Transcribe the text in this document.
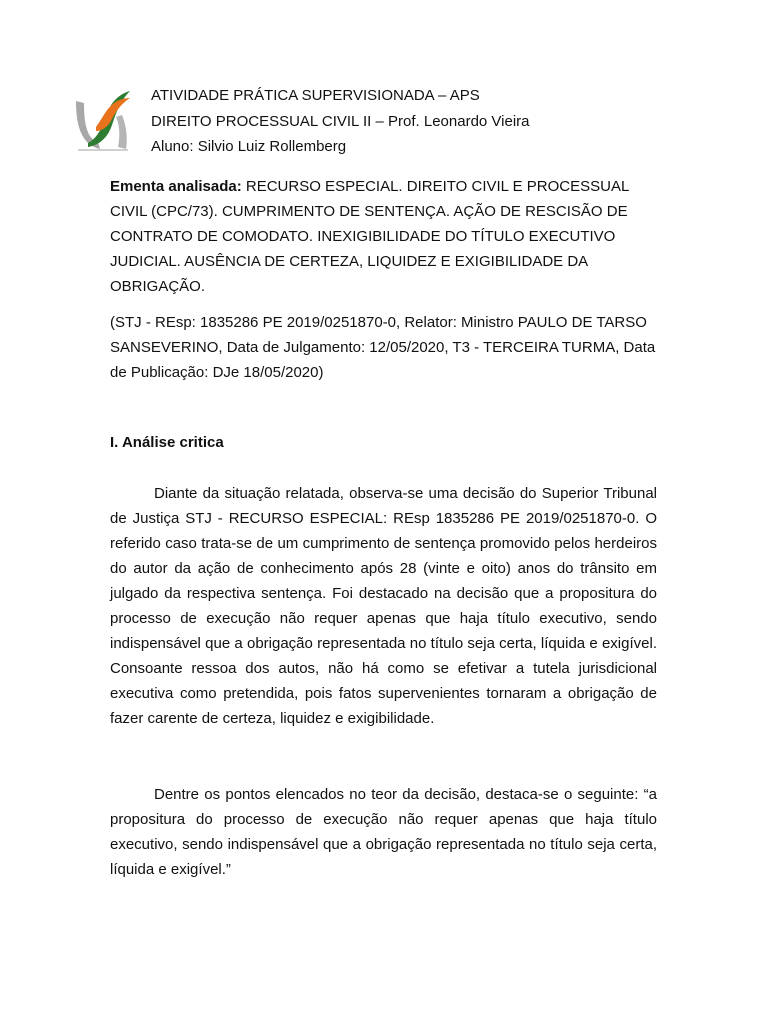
ATIVIDADE PRÁTICA SUPERVISIONADA – APS
DIREITO PROCESSUAL CIVIL II – Prof. Leonardo Vieira
Aluno: Silvio Luiz Rollemberg
Ementa analisada: RECURSO ESPECIAL. DIREITO CIVIL E PROCESSUAL CIVIL (CPC/73). CUMPRIMENTO DE SENTENÇA. AÇÃO DE RESCISÃO DE CONTRATO DE COMODATO. INEXIGIBILIDADE DO TÍTULO EXECUTIVO JUDICIAL. AUSÊNCIA DE CERTEZA, LIQUIDEZ E EXIGIBILIDADE DA OBRIGAÇÃO.
(STJ - REsp: 1835286 PE 2019/0251870-0, Relator: Ministro PAULO DE TARSO SANSEVERINO, Data de Julgamento: 12/05/2020, T3 - TERCEIRA TURMA, Data de Publicação: DJe 18/05/2020)
I. Análise critica
Diante da situação relatada, observa-se uma decisão do Superior Tribunal de Justiça STJ - RECURSO ESPECIAL: REsp 1835286 PE 2019/0251870-0. O referido caso trata-se de um cumprimento de sentença promovido pelos herdeiros do autor da ação de conhecimento após 28 (vinte e oito) anos do trânsito em julgado da respectiva sentença. Foi destacado na decisão que a propositura do processo de execução não requer apenas que haja título executivo, sendo indispensável que a obrigação representada no título seja certa, líquida e exigível. Consoante ressoa dos autos, não há como se efetivar a tutela jurisdicional executiva como pretendida, pois fatos supervenientes tornaram a obrigação de fazer carente de certeza, liquidez e exigibilidade.
Dentre os pontos elencados no teor da decisão, destaca-se o seguinte: “a propositura do processo de execução não requer apenas que haja título executivo, sendo indispensável que a obrigação representada no título seja certa, líquida e exigível.”
